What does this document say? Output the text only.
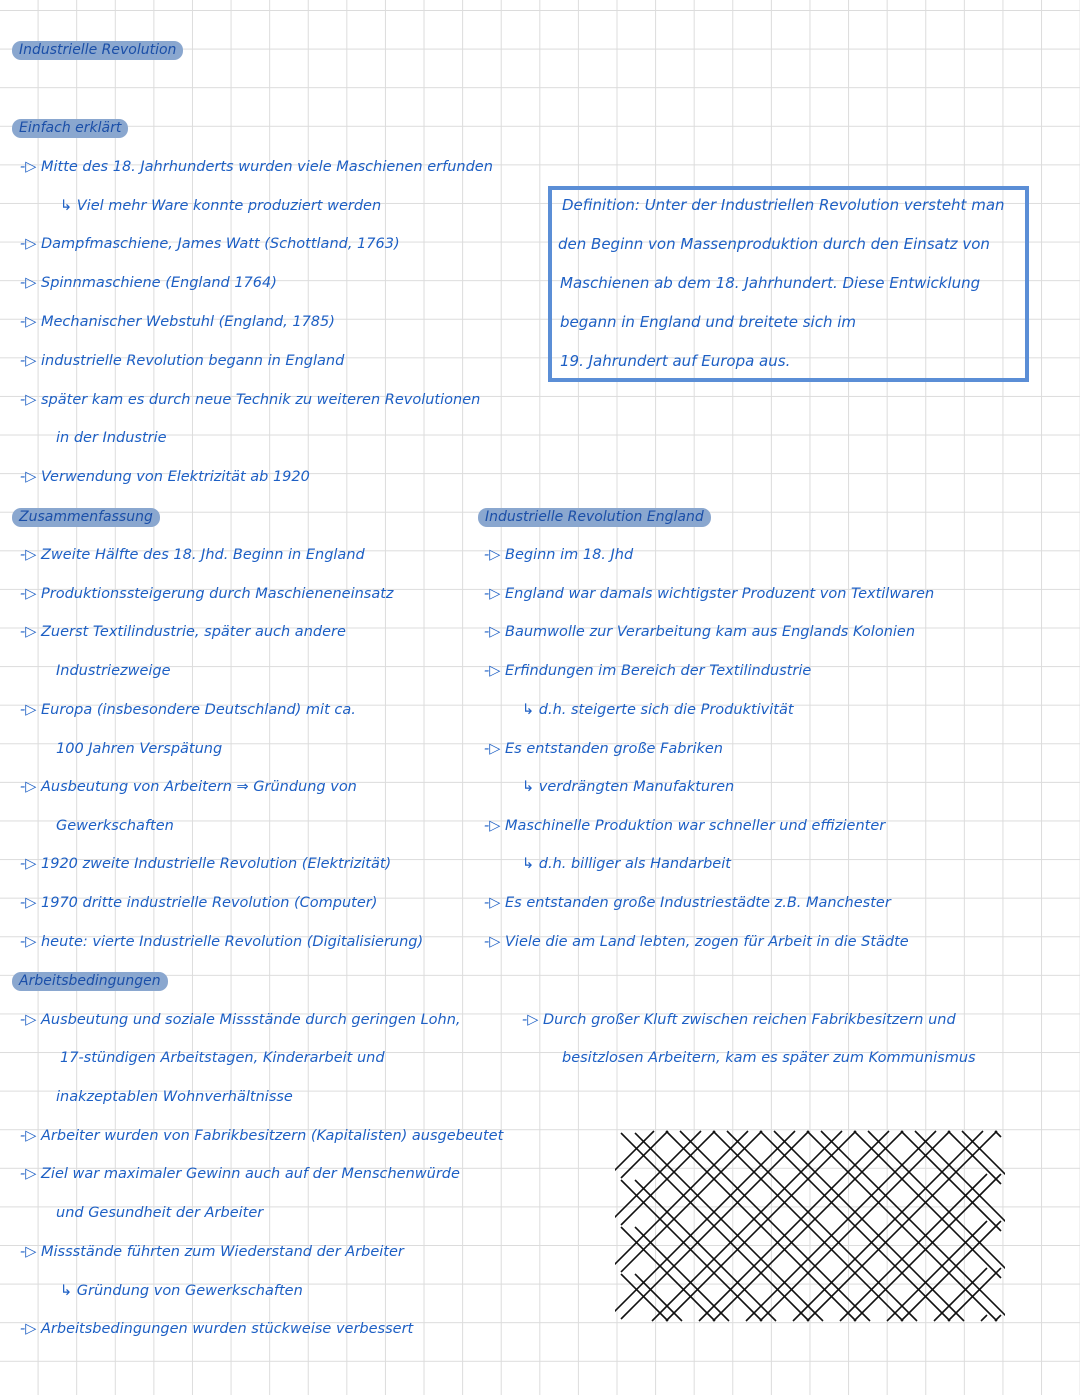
Industrielle Revolution
Einfach erklärt
-▷ Mitte des 18. Jahrhunderts wurden viele Maschienen erfunden
↳ Viel mehr Ware konnte produziert werden
-▷ Dampfmaschiene, James Watt (Schottland, 1763)
-▷ Spinnmaschiene (England 1764)
-▷ Mechanischer Webstuhl (England, 1785)
-▷ industrielle Revolution begann in England
-▷ später kam es durch neue Technik zu weiteren Revolutionen
in der Industrie
-▷ Verwendung von Elektrizität ab 1920
Definition: Unter der Industriellen Revolution versteht man
den Beginn von Massenproduktion durch den Einsatz von
Maschienen ab dem 18. Jahrhundert. Diese Entwicklung
begann in England und breitete sich im
19. Jahrundert auf Europa aus.
Zusammenfassung
-▷ Zweite Hälfte des 18. Jhd. Beginn in England
-▷ Produktionssteigerung durch Maschieneneinsatz
-▷ Zuerst Textilindustrie, später auch andere
Industriezweige
-▷ Europa (insbesondere Deutschland) mit ca.
100 Jahren Verspätung
-▷ Ausbeutung von Arbeitern ⇒ Gründung von
Gewerkschaften
-▷ 1920 zweite Industrielle Revolution (Elektrizität)
-▷ 1970 dritte industrielle Revolution (Computer)
-▷ heute: vierte Industrielle Revolution (Digitalisierung)
Industrielle Revolution England
-▷ Beginn im 18. Jhd
-▷ England war damals wichtigster Produzent von Textilwaren
-▷ Baumwolle zur Verarbeitung kam aus Englands Kolonien
-▷ Erfindungen im Bereich der Textilindustrie
↳ d.h. steigerte sich die Produktivität
-▷ Es entstanden große Fabriken
↳ verdrängten Manufakturen
-▷ Maschinelle Produktion war schneller und effizienter
↳ d.h. billiger als Handarbeit
-▷ Es entstanden große Industriestädte z.B. Manchester
-▷ Viele die am Land lebten, zogen für Arbeit in die Städte
Arbeitsbedingungen
-▷ Ausbeutung und soziale Missstände durch geringen Lohn,
17-stündigen Arbeitstagen, Kinderarbeit und
inakzeptablen Wohnverhältnisse
-▷ Arbeiter wurden von Fabrikbesitzern (Kapitalisten) ausgebeutet
-▷ Ziel war maximaler Gewinn auch auf der Menschenwürde
und Gesundheit der Arbeiter
-▷ Missstände führten zum Wiederstand der Arbeiter
↳ Gründung von Gewerkschaften
-▷ Arbeitsbedingungen wurden stückweise verbessert
-▷ Durch großer Kluft zwischen reichen Fabrikbesitzern und
besitzlosen Arbeitern, kam es später zum Kommunismus
